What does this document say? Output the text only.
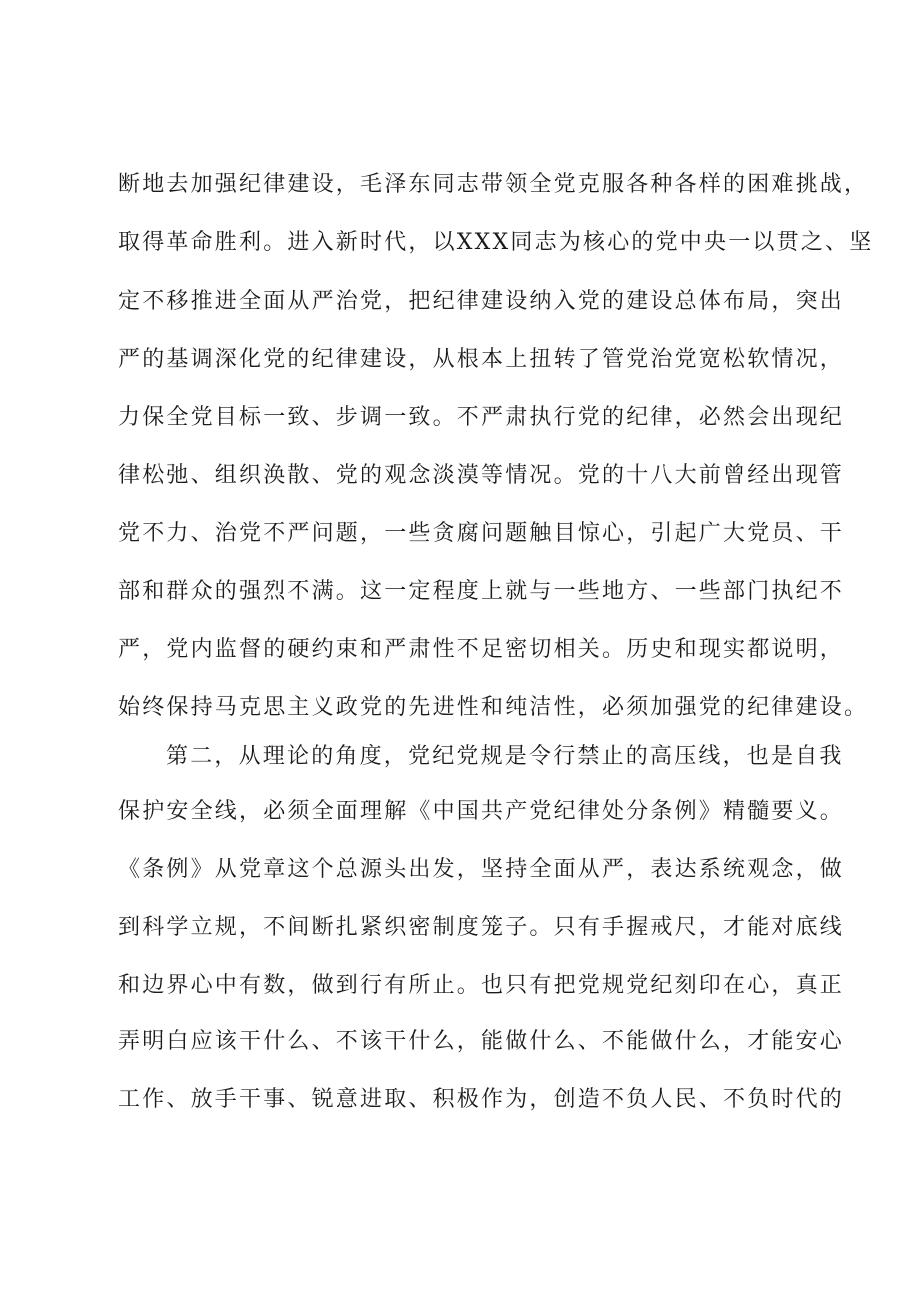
断地去加强纪律建设，毛泽东同志带领全党克服各种各样的困难挑战，
取得革命胜利。进入新时代，以XXX同志为核心的党中央一以贯之、坚
定不移推进全面从严治党，把纪律建设纳入党的建设总体布局，突出
严的基调深化党的纪律建设，从根本上扭转了管党治党宽松软情况，
力保全党目标一致、步调一致。不严肃执行党的纪律，必然会出现纪
律松弛、组织涣散、党的观念淡漠等情况。党的十八大前曾经出现管
党不力、治党不严问题，一些贪腐问题触目惊心，引起广大党员、干
部和群众的强烈不满。这一定程度上就与一些地方、一些部门执纪不
严，党内监督的硬约束和严肃性不足密切相关。历史和现实都说明，
始终保持马克思主义政党的先进性和纯洁性，必须加强党的纪律建设。
第二，从理论的角度，党纪党规是令行禁止的高压线，也是自我
保护安全线，必须全面理解《中国共产党纪律处分条例》精髓要义。
《条例》从党章这个总源头出发，坚持全面从严，表达系统观念，做
到科学立规，不间断扎紧织密制度笼子。只有手握戒尺，才能对底线
和边界心中有数，做到行有所止。也只有把党规党纪刻印在心，真正
弄明白应该干什么、不该干什么，能做什么、不能做什么，才能安心
工作、放手干事、锐意进取、积极作为，创造不负人民、不负时代的
